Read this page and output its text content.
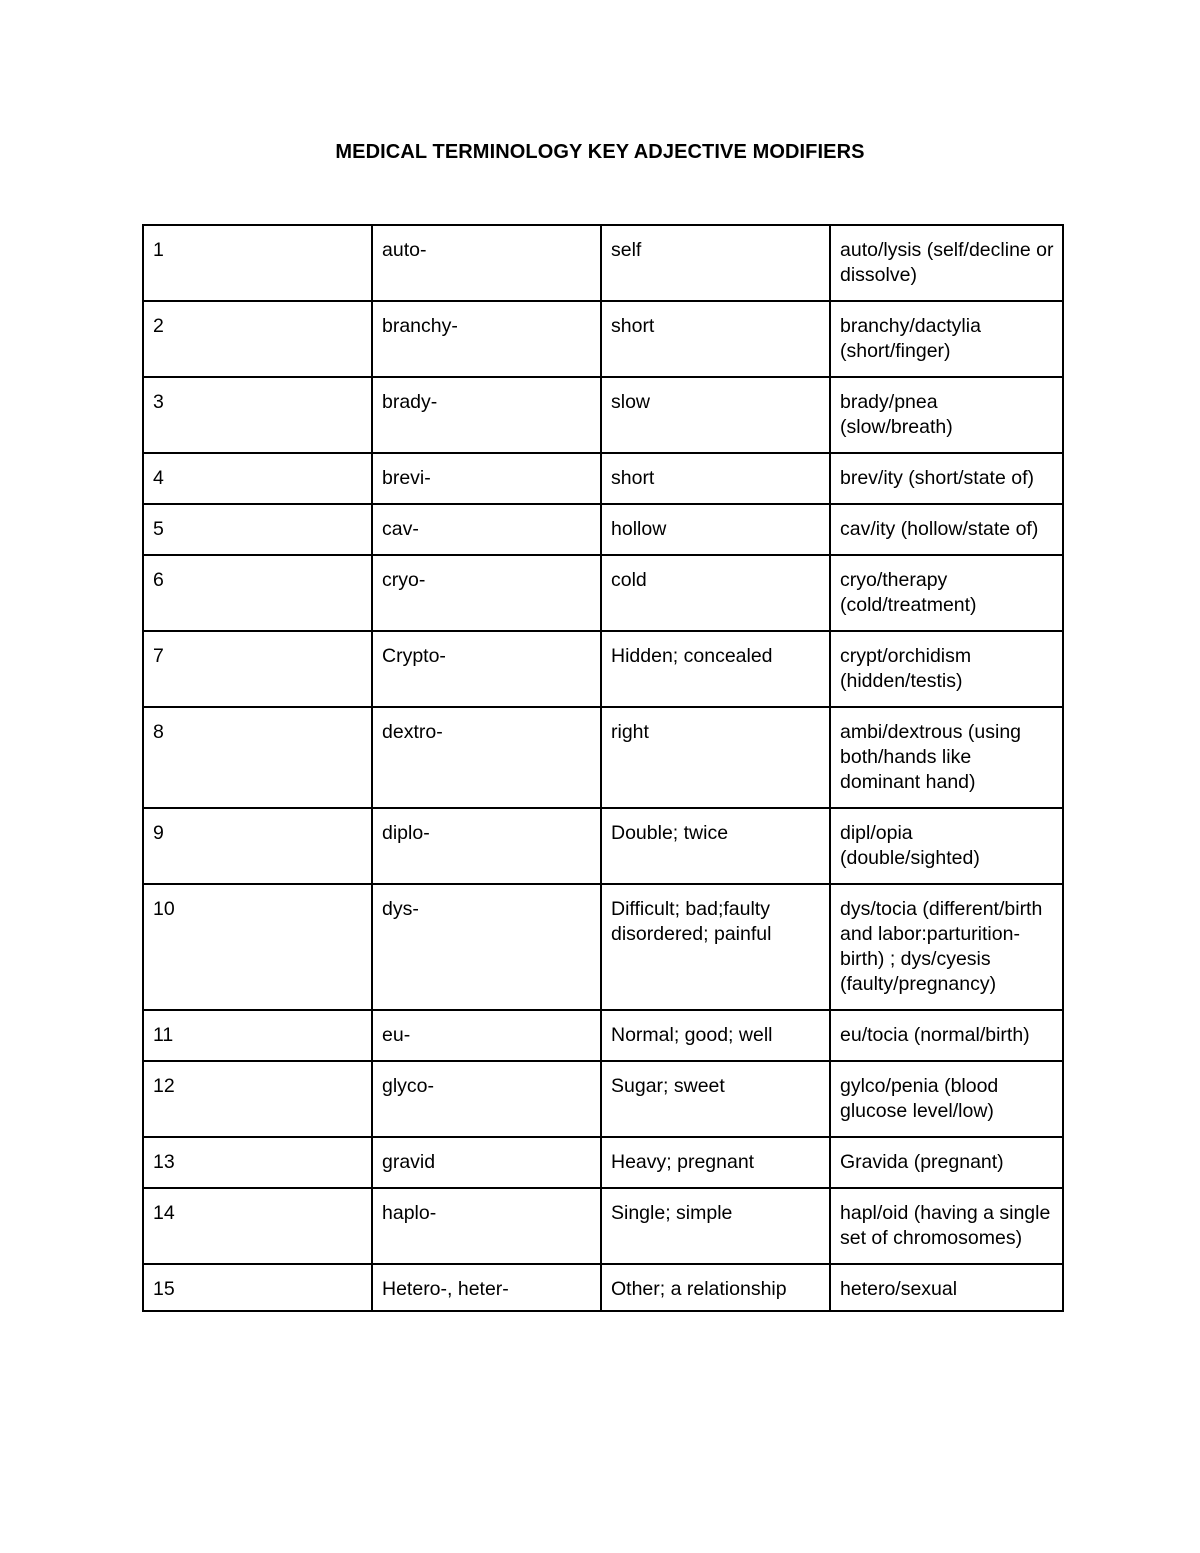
MEDICAL TERMINOLOGY KEY ADJECTIVE MODIFIERS
1	auto-	self	auto/lysis (self/decline or dissolve)
2	branchy-	short	branchy/dactylia (short/finger)
3	brady-	slow	brady/pnea (slow/breath)
4	brevi-	short	brev/ity (short/state of)
5	cav-	hollow	cav/ity (hollow/state of)
6	cryo-	cold	cryo/therapy (cold/treatment)
7	Crypto-	Hidden; concealed	crypt/orchidism (hidden/testis)
8	dextro-	right	ambi/dextrous (using both/hands like dominant hand)
9	diplo-	Double; twice	dipl/opia (double/sighted)
10	dys-	Difficult; bad;faulty disordered; painful	dys/tocia (different/birth and labor:parturition-birth) ; dys/cyesis (faulty/pregnancy)
11	eu-	Normal; good; well	eu/tocia (normal/birth)
12	glyco-	Sugar; sweet	gylco/penia (blood glucose level/low)
13	gravid	Heavy; pregnant	Gravida (pregnant)
14	haplo-	Single; simple	hapl/oid (having a single set of chromosomes)
15	Hetero-, heter-	Other; a relationship	hetero/sexual
